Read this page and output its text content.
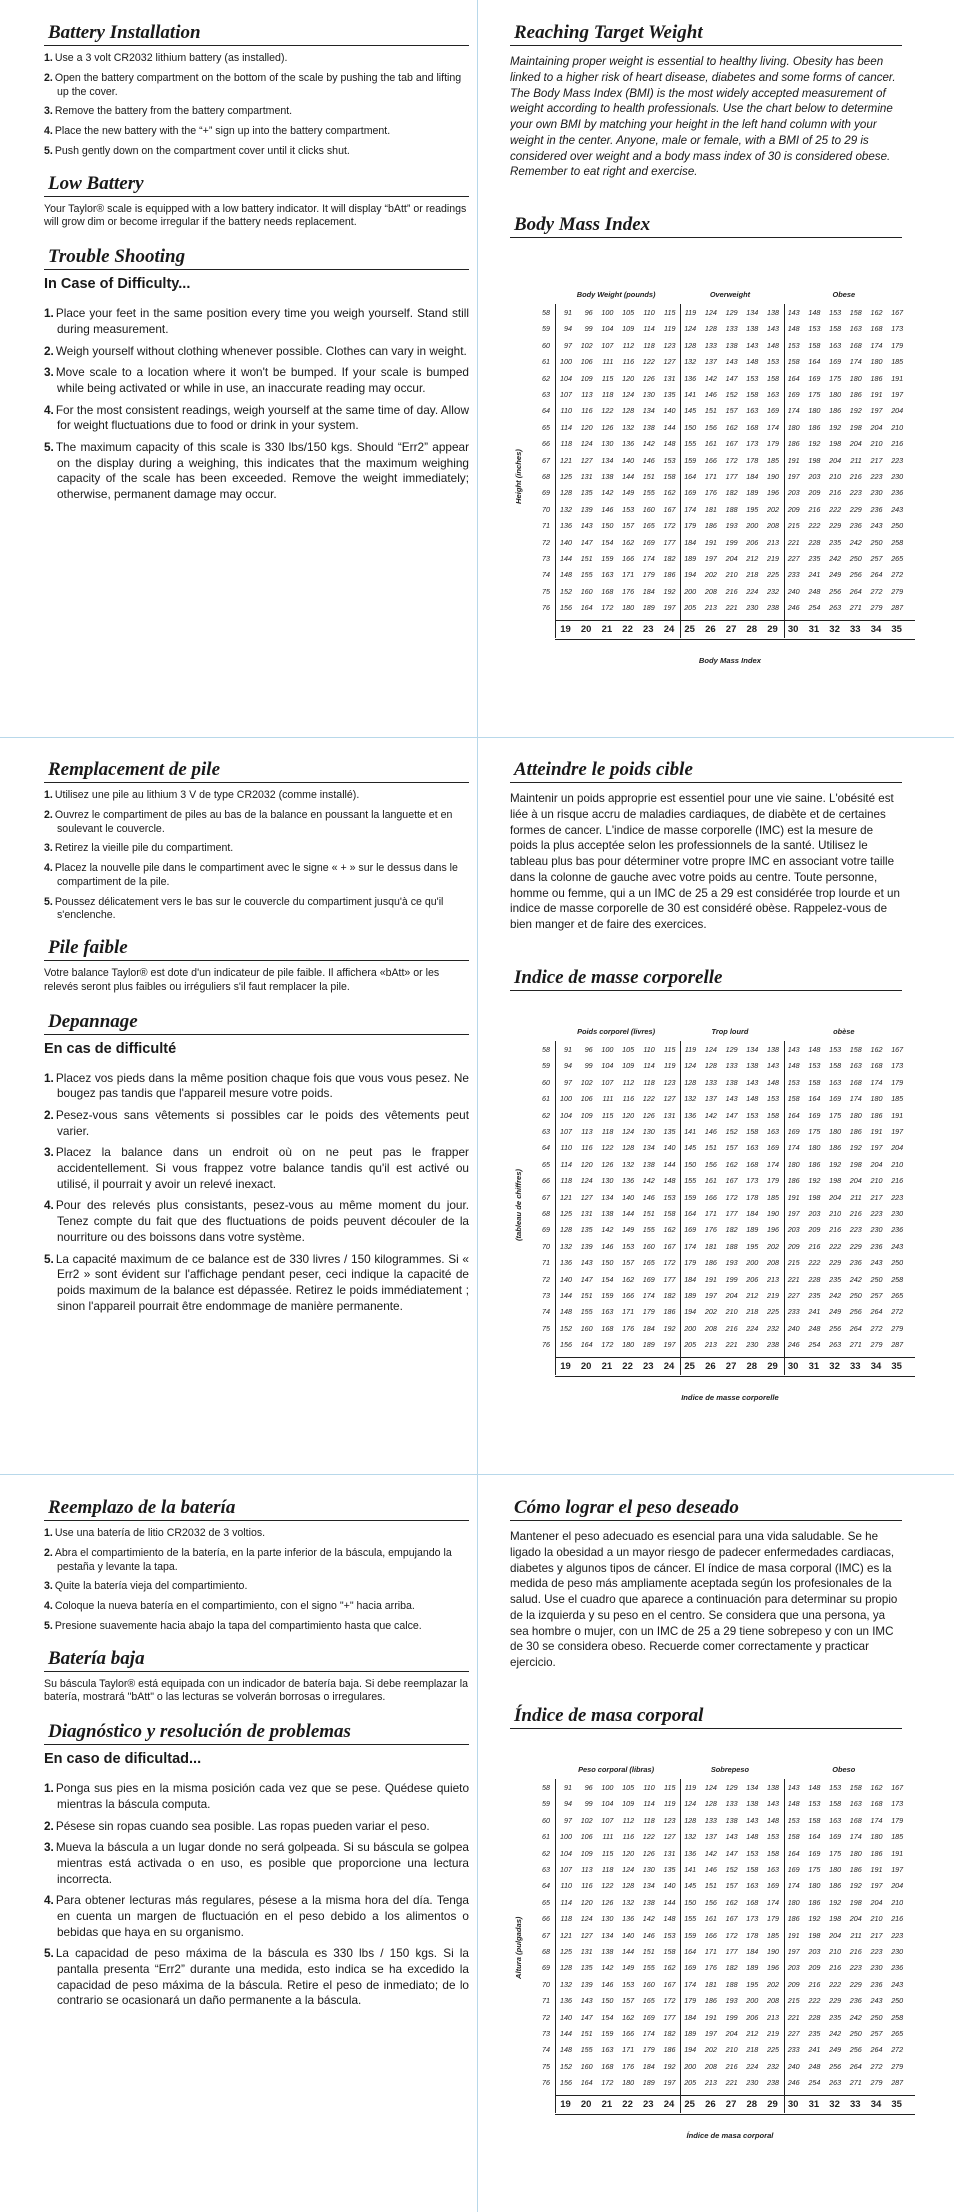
Battery Installation
1. Use a 3 volt CR2032 lithium battery (as installed).
2. Open the battery compartment on the bottom of the scale by pushing the tab and lifting up the cover.
3. Remove the battery from the battery compartment.
4. Place the new battery with the “+” sign up into the battery compartment.
5. Push gently down on the compartment cover until it clicks shut.
Low Battery
Your Taylor® scale is equipped with a low battery indicator. It will display “bAtt” or readings will grow dim or become irregular if the battery needs replacement.
Trouble Shooting
In Case of Difficulty...
1. Place your feet in the same position every time you weigh yourself. Stand still during measurement.
2. Weigh yourself without clothing whenever possible. Clothes can vary in weight.
3. Move scale to a location where it won't be bumped. If your scale is bumped while being activated or while in use, an inaccurate reading may occur.
4. For the most consistent readings, weigh yourself at the same time of day. Allow for weight fluctuations due to food or drink in your system.
5. The maximum capacity of this scale is 330 lbs/150 kgs. Should “Err2” appear on the display during a weighing, this indicates that the maximum weighing capacity of the scale has been exceeded. Remove the weight immediately; otherwise, permanent damage may occur.
Reaching Target Weight
Maintaining proper weight is essential to healthy living. Obesity has been linked to a higher risk of heart disease, diabetes and some forms of cancer. The Body Mass Index (BMI) is the most widely accepted measurement of weight according to health professionals. Use the chart below to determine your own BMI by matching your height in the left hand column with your weight in the center. Anyone, male or female, with a BMI of 25 to 29 is considered over weight and a body mass index of 30 is considered obese. Remember to eat right and exercise.
Body Mass Index
Body Weight (pounds)	Overweight	Obese
58	91	96	100	105	110	115	119	124	129	134	138	143	148	153	158	162	167
59	94	99	104	109	114	119	124	128	133	138	143	148	153	158	163	168	173
60	97	102	107	112	118	123	128	133	138	143	148	153	158	163	168	174	179
61	100	106	111	116	122	127	132	137	143	148	153	158	164	169	174	180	185
62	104	109	115	120	126	131	136	142	147	153	158	164	169	175	180	186	191
63	107	113	118	124	130	135	141	146	152	158	163	169	175	180	186	191	197
64	110	116	122	128	134	140	145	151	157	163	169	174	180	186	192	197	204
65	114	120	126	132	138	144	150	156	162	168	174	180	186	192	198	204	210
66	118	124	130	136	142	148	155	161	167	173	179	186	192	198	204	210	216
67	121	127	134	140	146	153	159	166	172	178	185	191	198	204	211	217	223
68	125	131	138	144	151	158	164	171	177	184	190	197	203	210	216	223	230
69	128	135	142	149	155	162	169	176	182	189	196	203	209	216	223	230	236
70	132	139	146	153	160	167	174	181	188	195	202	209	216	222	229	236	243
71	136	143	150	157	165	172	179	186	193	200	208	215	222	229	236	243	250
72	140	147	154	162	169	177	184	191	199	206	213	221	228	235	242	250	258
73	144	151	159	166	174	182	189	197	204	212	219	227	235	242	250	257	265
74	148	155	163	171	179	186	194	202	210	218	225	233	241	249	256	264	272
75	152	160	168	176	184	192	200	208	216	224	232	240	248	256	264	272	279
76	156	164	172	180	189	197	205	213	221	230	238	246	254	263	271	279	287
19	20	21	22	23	24	25	26	27	28	29	30	31	32	33	34	35
Height (inches)
Body Mass Index
Remplacement de pile
1. Utilisez une pile au lithium 3 V de type CR2032 (comme installé).
2. Ouvrez le compartiment de piles au bas de la balance en poussant la languette et en soulevant le couvercle.
3. Retirez la vieille pile du compartiment.
4. Placez la nouvelle pile dans le compartiment avec le signe « + » sur le dessus dans le compartiment de la pile.
5. Poussez délicatement vers le bas sur le couvercle du compartiment jusqu'à ce qu'il s'enclenche.
Pile faible
Votre balance Taylor® est dote d'un indicateur de pile faible. Il affichera «bAtt» or les relevés seront plus faibles ou irréguliers s'il faut remplacer la pile.
Depannage
En cas de difficulté
1. Placez vos pieds dans la même position chaque fois que vous vous pesez. Ne bougez pas tandis que l'appareil mesure votre poids.
2. Pesez-vous sans vêtements si possibles car le poids des vêtements peut varier.
3. Placez la balance dans un endroit où on ne peut pas le frapper accidentellement. Si vous frappez votre balance tandis qu'il est activé ou utilisé, il pourrait y avoir un relevé inexact.
4. Pour des relevés plus consistants, pesez-vous au même moment du jour. Tenez compte du fait que des fluctuations de poids peuvent découler de la nourriture ou des boissons dans votre système.
5. La capacité maximum de ce balance est de 330 livres / 150 kilogrammes. Si « Err2 » sont évident sur l'affichage pendant peser, ceci indique la capacité de poids maximum de la balance est dépassée. Retirez le poids immédiatement ; sinon l'appareil pourrait être endommage de manière permanente.
Atteindre le poids cible
Maintenir un poids approprie est essentiel pour une vie saine. L'obésité est liée à un risque accru de maladies cardiaques, de diabète et de certaines formes de cancer. L'indice de masse corporelle (IMC) est la mesure de poids la plus acceptée selon les professionnels de la santé. Utilisez le tableau plus bas pour déterminer votre propre IMC en associant votre taille dans la colonne de gauche avec votre poids au centre. Toute personne, homme ou femme, qui a un IMC de 25 a 29 est considérée trop lourde et un indice de masse corporelle de 30 est considéré obèse. Rappelez-vous de bien manger et de faire des exercices.
Indice de masse corporelle
Poids corporel (livres)	Trop lourd	obèse
58	91	96	100	105	110	115	119	124	129	134	138	143	148	153	158	162	167
59	94	99	104	109	114	119	124	128	133	138	143	148	153	158	163	168	173
60	97	102	107	112	118	123	128	133	138	143	148	153	158	163	168	174	179
61	100	106	111	116	122	127	132	137	143	148	153	158	164	169	174	180	185
62	104	109	115	120	126	131	136	142	147	153	158	164	169	175	180	186	191
63	107	113	118	124	130	135	141	146	152	158	163	169	175	180	186	191	197
64	110	116	122	128	134	140	145	151	157	163	169	174	180	186	192	197	204
65	114	120	126	132	138	144	150	156	162	168	174	180	186	192	198	204	210
66	118	124	130	136	142	148	155	161	167	173	179	186	192	198	204	210	216
67	121	127	134	140	146	153	159	166	172	178	185	191	198	204	211	217	223
68	125	131	138	144	151	158	164	171	177	184	190	197	203	210	216	223	230
69	128	135	142	149	155	162	169	176	182	189	196	203	209	216	223	230	236
70	132	139	146	153	160	167	174	181	188	195	202	209	216	222	229	236	243
71	136	143	150	157	165	172	179	186	193	200	208	215	222	229	236	243	250
72	140	147	154	162	169	177	184	191	199	206	213	221	228	235	242	250	258
73	144	151	159	166	174	182	189	197	204	212	219	227	235	242	250	257	265
74	148	155	163	171	179	186	194	202	210	218	225	233	241	249	256	264	272
75	152	160	168	176	184	192	200	208	216	224	232	240	248	256	264	272	279
76	156	164	172	180	189	197	205	213	221	230	238	246	254	263	271	279	287
19	20	21	22	23	24	25	26	27	28	29	30	31	32	33	34	35
(tableau de chiffres)
Indice de masse corporelle
Reemplazo de la batería
1. Use una batería de litio CR2032 de 3 voltios.
2. Abra el compartimiento de la batería, en la parte inferior de la báscula, empujando la pestaña y levante la tapa.
3. Quite la batería vieja del compartimiento.
4. Coloque la nueva batería en el compartimiento, con el signo "+" hacia arriba.
5. Presione suavemente hacia abajo la tapa del compartimiento hasta que calce.
Batería baja
Su báscula Taylor® está equipada con un indicador de batería baja. Si debe reemplazar la batería, mostrará "bAtt" o las lecturas se volverán borrosas o irregulares.
Diagnóstico y resolución de problemas
En caso de dificultad...
1. Ponga sus pies en la misma posición cada vez que se pese. Quédese quieto mientras la báscula computa.
2. Pésese sin ropas cuando sea posible. Las ropas pueden variar el peso.
3. Mueva la báscula a un lugar donde no será golpeada. Si su báscula se golpea mientras está activada o en uso, es posible que proporcione una lectura incorrecta.
4. Para obtener lecturas más regulares, pésese a la misma hora del día. Tenga en cuenta un margen de fluctuación en el peso debido a los alimentos o bebidas que haya en su organismo.
5. La capacidad de peso máxima de la báscula es 330 lbs / 150 kgs. Si la pantalla presenta “Err2” durante una medida, esto indica se ha excedido la capacidad de peso máxima de la báscula. Retire el peso de inmediato; de lo contrario se ocasionará un daño permanente a la báscula.
Cómo lograr el peso deseado
Mantener el peso adecuado es esencial para una vida saludable. Se he ligado la obesidad a un mayor riesgo de padecer enfermedades cardiacas, diabetes y algunos tipos de cáncer. El índice de masa corporal (IMC) es la medida de peso más ampliamente aceptada según los profesionales de la salud. Use el cuadro que aparece a continuación para determinar su propio de la izquierda y su peso en el centro. Se considera que una persona, ya sea hombre o mujer, con un IMC de 25 a 29 tiene sobrepeso y con un IMC de 30 se considera obeso. Recuerde comer correctamente y practicar ejercicio.
Índice de masa corporal
Peso corporal (libras)	Sobrepeso	Obeso
58	91	96	100	105	110	115	119	124	129	134	138	143	148	153	158	162	167
59	94	99	104	109	114	119	124	128	133	138	143	148	153	158	163	168	173
60	97	102	107	112	118	123	128	133	138	143	148	153	158	163	168	174	179
61	100	106	111	116	122	127	132	137	143	148	153	158	164	169	174	180	185
62	104	109	115	120	126	131	136	142	147	153	158	164	169	175	180	186	191
63	107	113	118	124	130	135	141	146	152	158	163	169	175	180	186	191	197
64	110	116	122	128	134	140	145	151	157	163	169	174	180	186	192	197	204
65	114	120	126	132	138	144	150	156	162	168	174	180	186	192	198	204	210
66	118	124	130	136	142	148	155	161	167	173	179	186	192	198	204	210	216
67	121	127	134	140	146	153	159	166	172	178	185	191	198	204	211	217	223
68	125	131	138	144	151	158	164	171	177	184	190	197	203	210	216	223	230
69	128	135	142	149	155	162	169	176	182	189	196	203	209	216	223	230	236
70	132	139	146	153	160	167	174	181	188	195	202	209	216	222	229	236	243
71	136	143	150	157	165	172	179	186	193	200	208	215	222	229	236	243	250
72	140	147	154	162	169	177	184	191	199	206	213	221	228	235	242	250	258
73	144	151	159	166	174	182	189	197	204	212	219	227	235	242	250	257	265
74	148	155	163	171	179	186	194	202	210	218	225	233	241	249	256	264	272
75	152	160	168	176	184	192	200	208	216	224	232	240	248	256	264	272	279
76	156	164	172	180	189	197	205	213	221	230	238	246	254	263	271	279	287
19	20	21	22	23	24	25	26	27	28	29	30	31	32	33	34	35
Altura (pulgadas)
Índice de masa corporal
